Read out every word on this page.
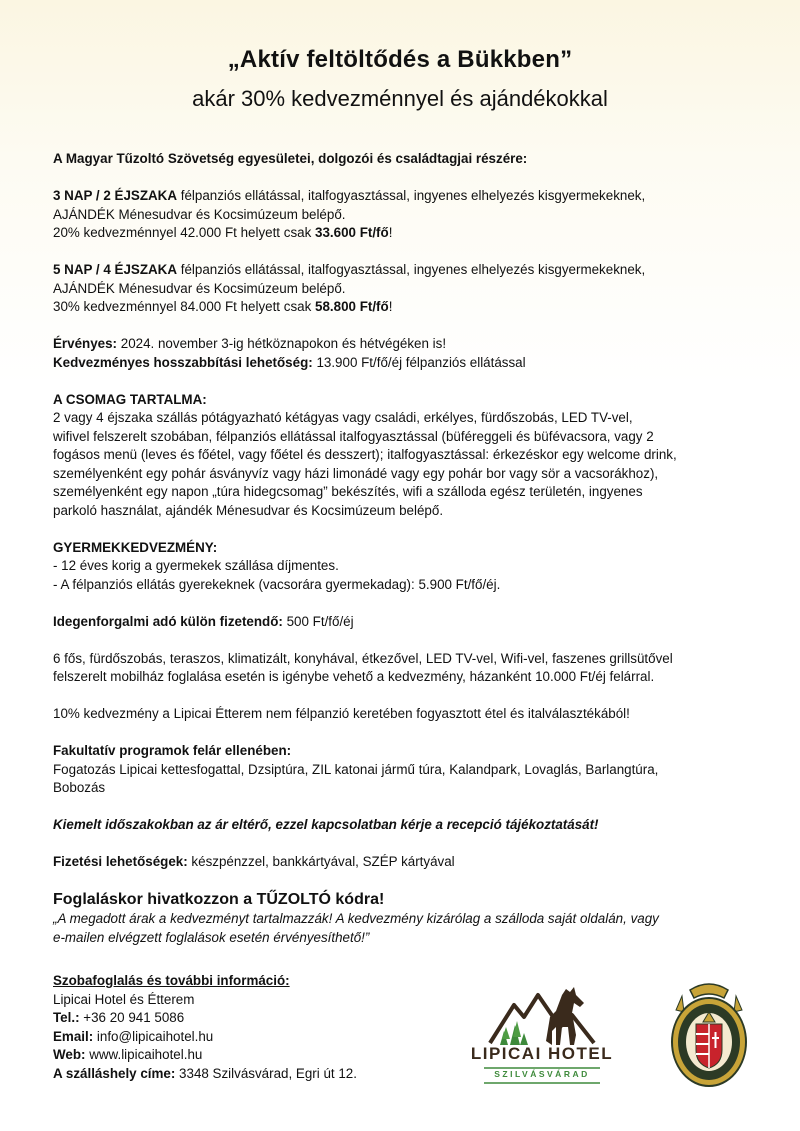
„Aktív feltöltődés a Bükkben”
akár 30% kedvezménnyel és ajándékokkal

A Magyar Tűzoltó Szövetség egyesületei, dolgozói és családtagjai részére:

3 NAP / 2 ÉJSZAKA félpanziós ellátással, italfogyasztással, ingyenes elhelyezés kisgyermekeknek,

AJÁNDÉK Ménesudvar és Kocsimúzeum belépő.

20% kedvezménnyel 42.000 Ft helyett csak 33.600 Ft/fő!

5 NAP / 4 ÉJSZAKA félpanziós ellátással, italfogyasztással, ingyenes elhelyezés kisgyermekeknek,

AJÁNDÉK Ménesudvar és Kocsimúzeum belépő.

30% kedvezménnyel 84.000 Ft helyett csak 58.800 Ft/fő!

Érvényes: 2024. november 3-ig hétköznapokon és hétvégéken is!

Kedvezményes hosszabbítási lehetőség: 13.900 Ft/fő/éj félpanziós ellátással

A CSOMAG TARTALMA:

2 vagy 4 éjszaka szállás pótágyazható kétágyas vagy családi, erkélyes, fürdőszobás, LED TV-vel,

wifivel felszerelt szobában, félpanziós ellátással italfogyasztással (büféreggeli és büfévacsora, vagy 2

fogásos menü (leves és főétel, vagy főétel és desszert); italfogyasztással: érkezéskor egy welcome drink,

személyenként egy pohár ásványvíz vagy házi limonádé vagy egy pohár bor vagy sör a vacsorákhoz),

személyenként egy napon „túra hidegcsomag” bekészítés, wifi a szálloda egész területén, ingyenes

parkoló használat, ajándék Ménesudvar és Kocsimúzeum belépő.

GYERMEKKEDVEZMÉNY:

- 12 éves korig a gyermekek szállása díjmentes.

- A félpanziós ellátás gyerekeknek (vacsorára gyermekadag): 5.900 Ft/fő/éj.

Idegenforgalmi adó külön fizetendő: 500 Ft/fő/éj

6 fős, fürdőszobás, teraszos, klimatizált, konyhával, étkezővel, LED TV-vel, Wifi-vel, faszenes grillsütővel

felszerelt mobilház foglalása esetén is igénybe vehető a kedvezmény, házanként 10.000 Ft/éj felárral.

10% kedvezmény a Lipicai Étterem nem félpanzió keretében fogyasztott étel és italválasztékából!

Fakultatív programok felár ellenében:

Fogatozás Lipicai kettesfogattal, Dzsiptúra, ZIL katonai jármű túra, Kalandpark, Lovaglás, Barlangtúra,

Bobozás

Kiemelt időszakokban az ár eltérő, ezzel kapcsolatban kérje a recepció tájékoztatását!

Fizetési lehetőségek: készpénzzel, bankkártyával, SZÉP kártyával

Foglaláskor hivatkozzon a TŰZOLTÓ kódra!

„A megadott árak a kedvezményt tartalmazzák! A kedvezmény kizárólag a szálloda saját oldalán, vagy

e-mailen elvégzett foglalások esetén érvényesíthető!”

Szobafoglalás és további információ:

Lipicai Hotel és Étterem

Tel.: +36 20 941 5086

Email: info@lipicaihotel.hu

Web: www.lipicaihotel.hu

A szálláshely címe: 3348 Szilvásvárad, Egri út 12.

LIPICAI HOTEL
SZILVÁSVÁRAD
